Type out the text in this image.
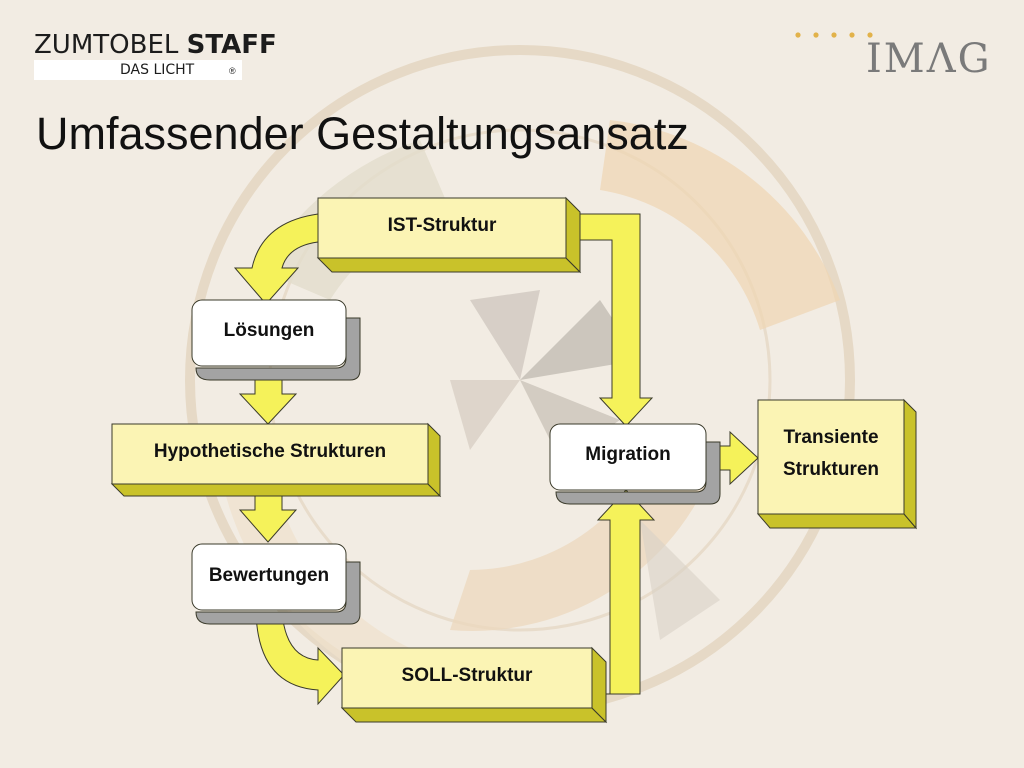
ZUMTOBEL STAFF
DAS LICHT	®	IMΛG
Umfassender Gestaltungsansatz
IST-Struktur
Lösungen
Hypothetische Strukturen
Bewertungen
SOLL-Struktur
Migration
Transiente
Strukturen
